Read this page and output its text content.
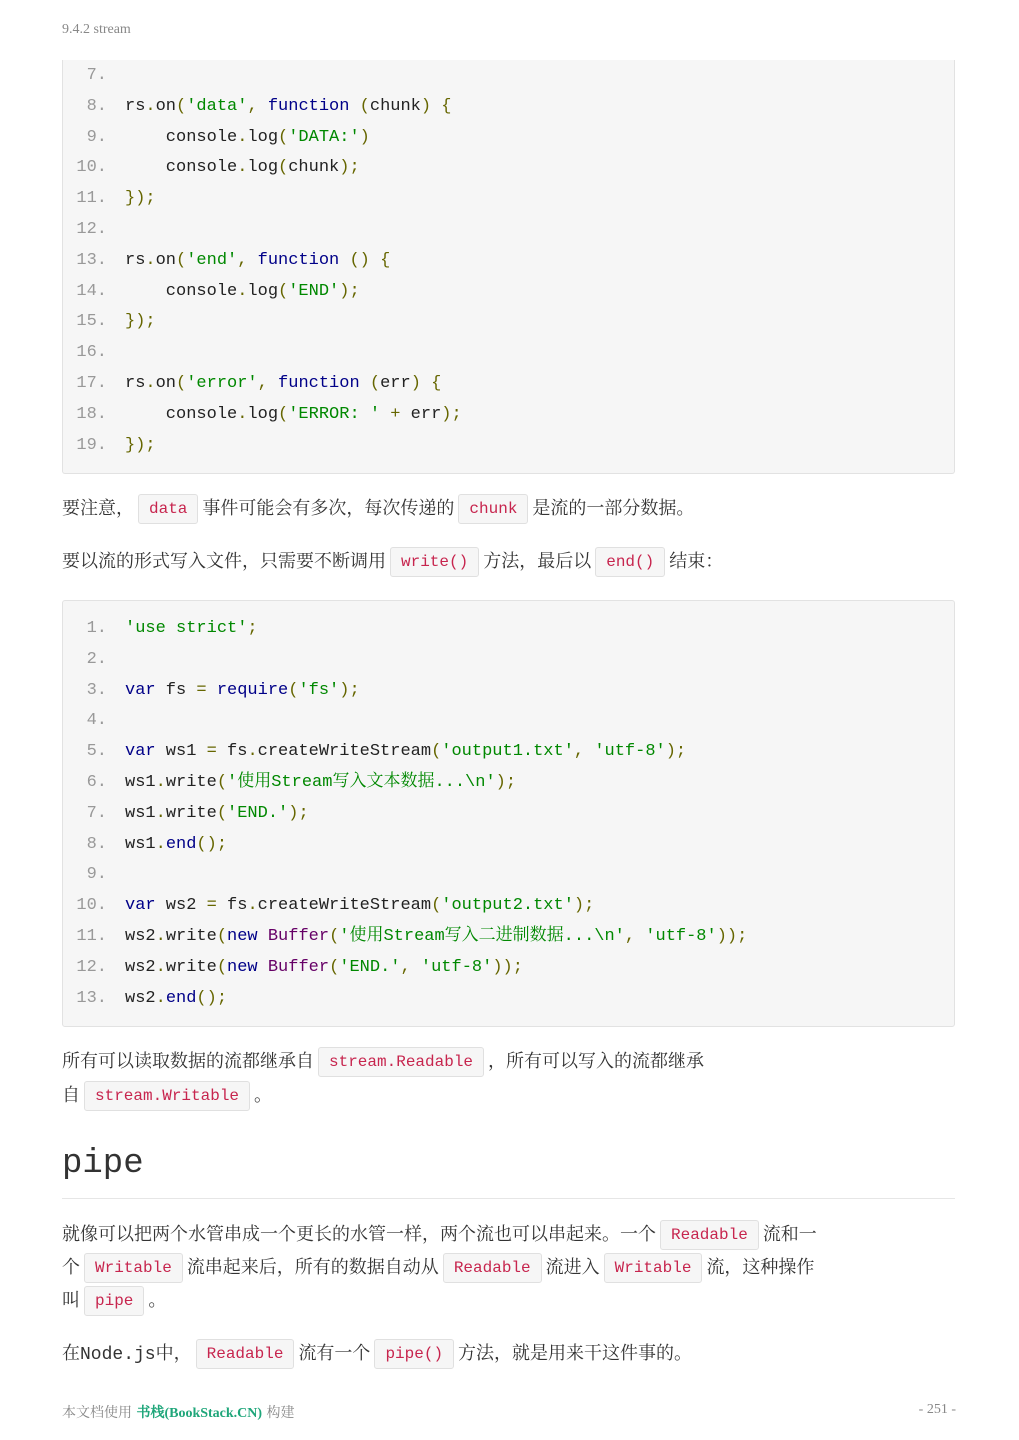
9.4.2 stream
7.
8. rs.on('data', function (chunk) {
9. console.log('DATA:')
10. console.log(chunk);
11. });
12.
13. rs.on('end', function () {
14. console.log('END');
15. });
16.
17. rs.on('error', function (err) {
18. console.log('ERROR: ' + err);
19. });
要注意， data 事件可能会有多次，每次传递的 chunk 是流的一部分数据。
要以流的形式写入文件，只需要不断调用 write() 方法，最后以 end() 结束：
1. 'use strict';
2.
3. var fs = require('fs');
4.
5. var ws1 = fs.createWriteStream('output1.txt', 'utf-8');
6. ws1.write('使用Stream写入文本数据...\n');
7. ws1.write('END.');
8. ws1.end();
9.
10. var ws2 = fs.createWriteStream('output2.txt');
11. ws2.write(new Buffer('使用Stream写入二进制数据...\n', 'utf-8'));
12. ws2.write(new Buffer('END.', 'utf-8'));
13. ws2.end();
所有可以读取数据的流都继承自 stream.Readable ，所有可以写入的流都继承
自 stream.Writable 。
pipe
就像可以把两个水管串成一个更长的水管一样，两个流也可以串起来。一个 Readable 流和一
个 Writable 流串起来后，所有的数据自动从 Readable 流进入 Writable 流，这种操作
叫 pipe 。
在Node.js中， Readable 流有一个 pipe() 方法，就是用来干这件事的。
本文档使用 书栈(BookStack.CN) 构建	- 251 -
